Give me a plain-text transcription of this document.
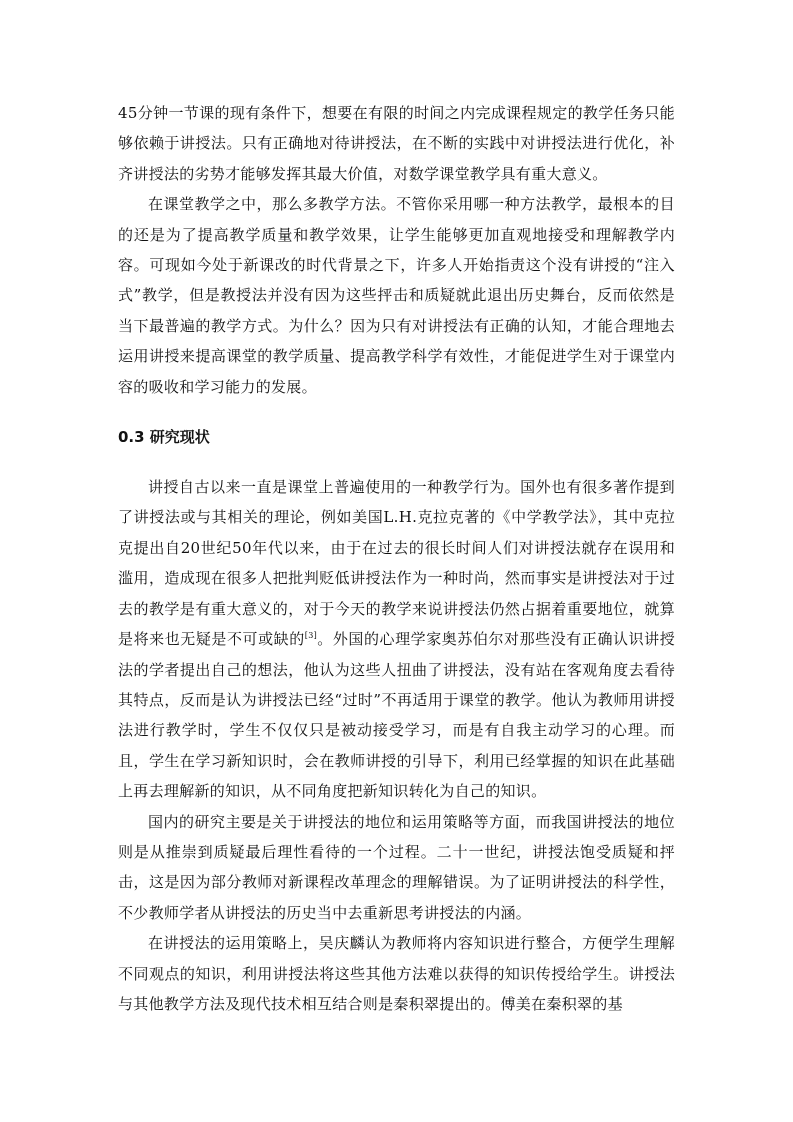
45分钟一节课的现有条件下，想要在有限的时间之内完成课程规定的教学任务只能够依赖于讲授法。只有正确地对待讲授法，在不断的实践中对讲授法进行优化，补齐讲授法的劣势才能够发挥其最大价值，对数学课堂教学具有重大意义。

在课堂教学之中，那么多教学方法。不管你采用哪一种方法教学，最根本的目的还是为了提高教学质量和教学效果，让学生能够更加直观地接受和理解教学内容。可现如今处于新课改的时代背景之下，许多人开始指责这个没有讲授的“注入式”教学，但是教授法并没有因为这些抨击和质疑就此退出历史舞台，反而依然是当下最普遍的教学方式。为什么？因为只有对讲授法有正确的认知，才能合理地去运用讲授来提高课堂的教学质量、提高教学科学有效性，才能促进学生对于课堂内容的吸收和学习能力的发展。

0.3 研究现状

讲授自古以来一直是课堂上普遍使用的一种教学行为。国外也有很多著作提到了讲授法或与其相关的理论，例如美国L.H.克拉克著的《中学教学法》，其中克拉克提出自20世纪50年代以来，由于在过去的很长时间人们对讲授法就存在误用和滥用，造成现在很多人把批判贬低讲授法作为一种时尚，然而事实是讲授法对于过去的教学是有重大意义的，对于今天的教学来说讲授法仍然占据着重要地位，就算是将来也无疑是不可或缺的[3]。外国的心理学家奥苏伯尔对那些没有正确认识讲授法的学者提出自己的想法，他认为这些人扭曲了讲授法，没有站在客观角度去看待其特点，反而是认为讲授法已经“过时”不再适用于课堂的教学。他认为教师用讲授法进行教学时，学生不仅仅只是被动接受学习，而是有自我主动学习的心理。而且，学生在学习新知识时，会在教师讲授的引导下，利用已经掌握的知识在此基础上再去理解新的知识，从不同角度把新知识转化为自己的知识。

国内的研究主要是关于讲授法的地位和运用策略等方面，而我国讲授法的地位则是从推崇到质疑最后理性看待的一个过程。二十一世纪，讲授法饱受质疑和抨击，这是因为部分教师对新课程改革理念的理解错误。为了证明讲授法的科学性，不少教师学者从讲授法的历史当中去重新思考讲授法的内涵。

在讲授法的运用策略上，吴庆麟认为教师将内容知识进行整合，方便学生理解不同观点的知识，利用讲授法将这些其他方法难以获得的知识传授给学生。讲授法与其他教学方法及现代技术相互结合则是秦积翠提出的。傅美在秦积翠的基
